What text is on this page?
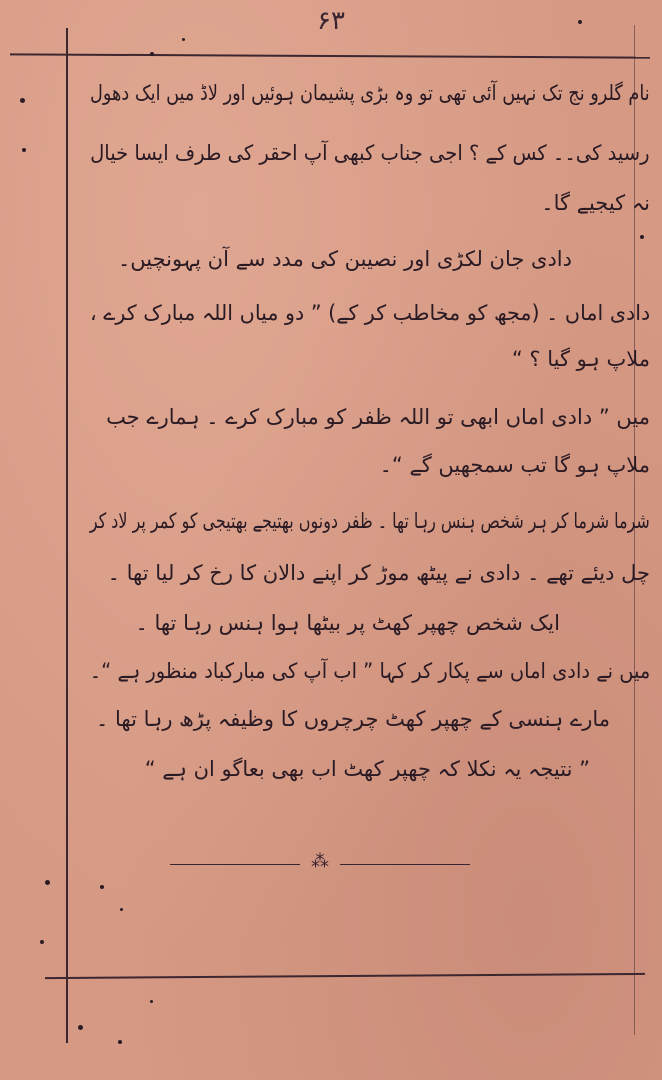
۶۳
نام گلرو نج تک نہیں آئی تھی تو وہ بڑی پشیمان ہوئیں اور لاڈ میں ایک دھول
رسید کی۔۔ کس کے ؟ اجی جناب کبھی آپ احقر کی طرف ایسا خیال
نہ کیجیے گا۔
دادی جان لکڑی اور نصیبن کی مدد سے آن پہونچیں۔
دادی اماں ۔ (مجھ کو مخاطب کر کے) ” دو میاں اللہ مبارک کرے ،
ملاپ ہو گیا ؟ “
میں ” دادی اماں ابھی تو اللہ ظفر کو مبارک کرے ۔ ہمارے جب
ملاپ ہو گا تب سمجھیں گے “۔
شرما شرما کر ہر شخص ہنس رہا تھا ۔ ظفر دونوں بھتیجے بھتیجی کو کمر پر لاد کر
چل دیئے تھے ۔ دادی نے پیٹھ موڑ کر اپنے دالان کا رخ کر لیا تھا ۔
ایک شخص چھپر کھٹ پر بیٹھا ہوا ہنس رہا تھا ۔
میں نے دادی اماں سے پکار کر کہا ” اب آپ کی مبارکباد منظور ہے “۔
مارے ہنسی کے چھپر کھٹ چرچروں کا وظیفہ پڑھ رہا تھا ۔
” نتیجہ یہ نکلا کہ چھپر کھٹ اب بھی بعاگو ان ہے “
⁂
